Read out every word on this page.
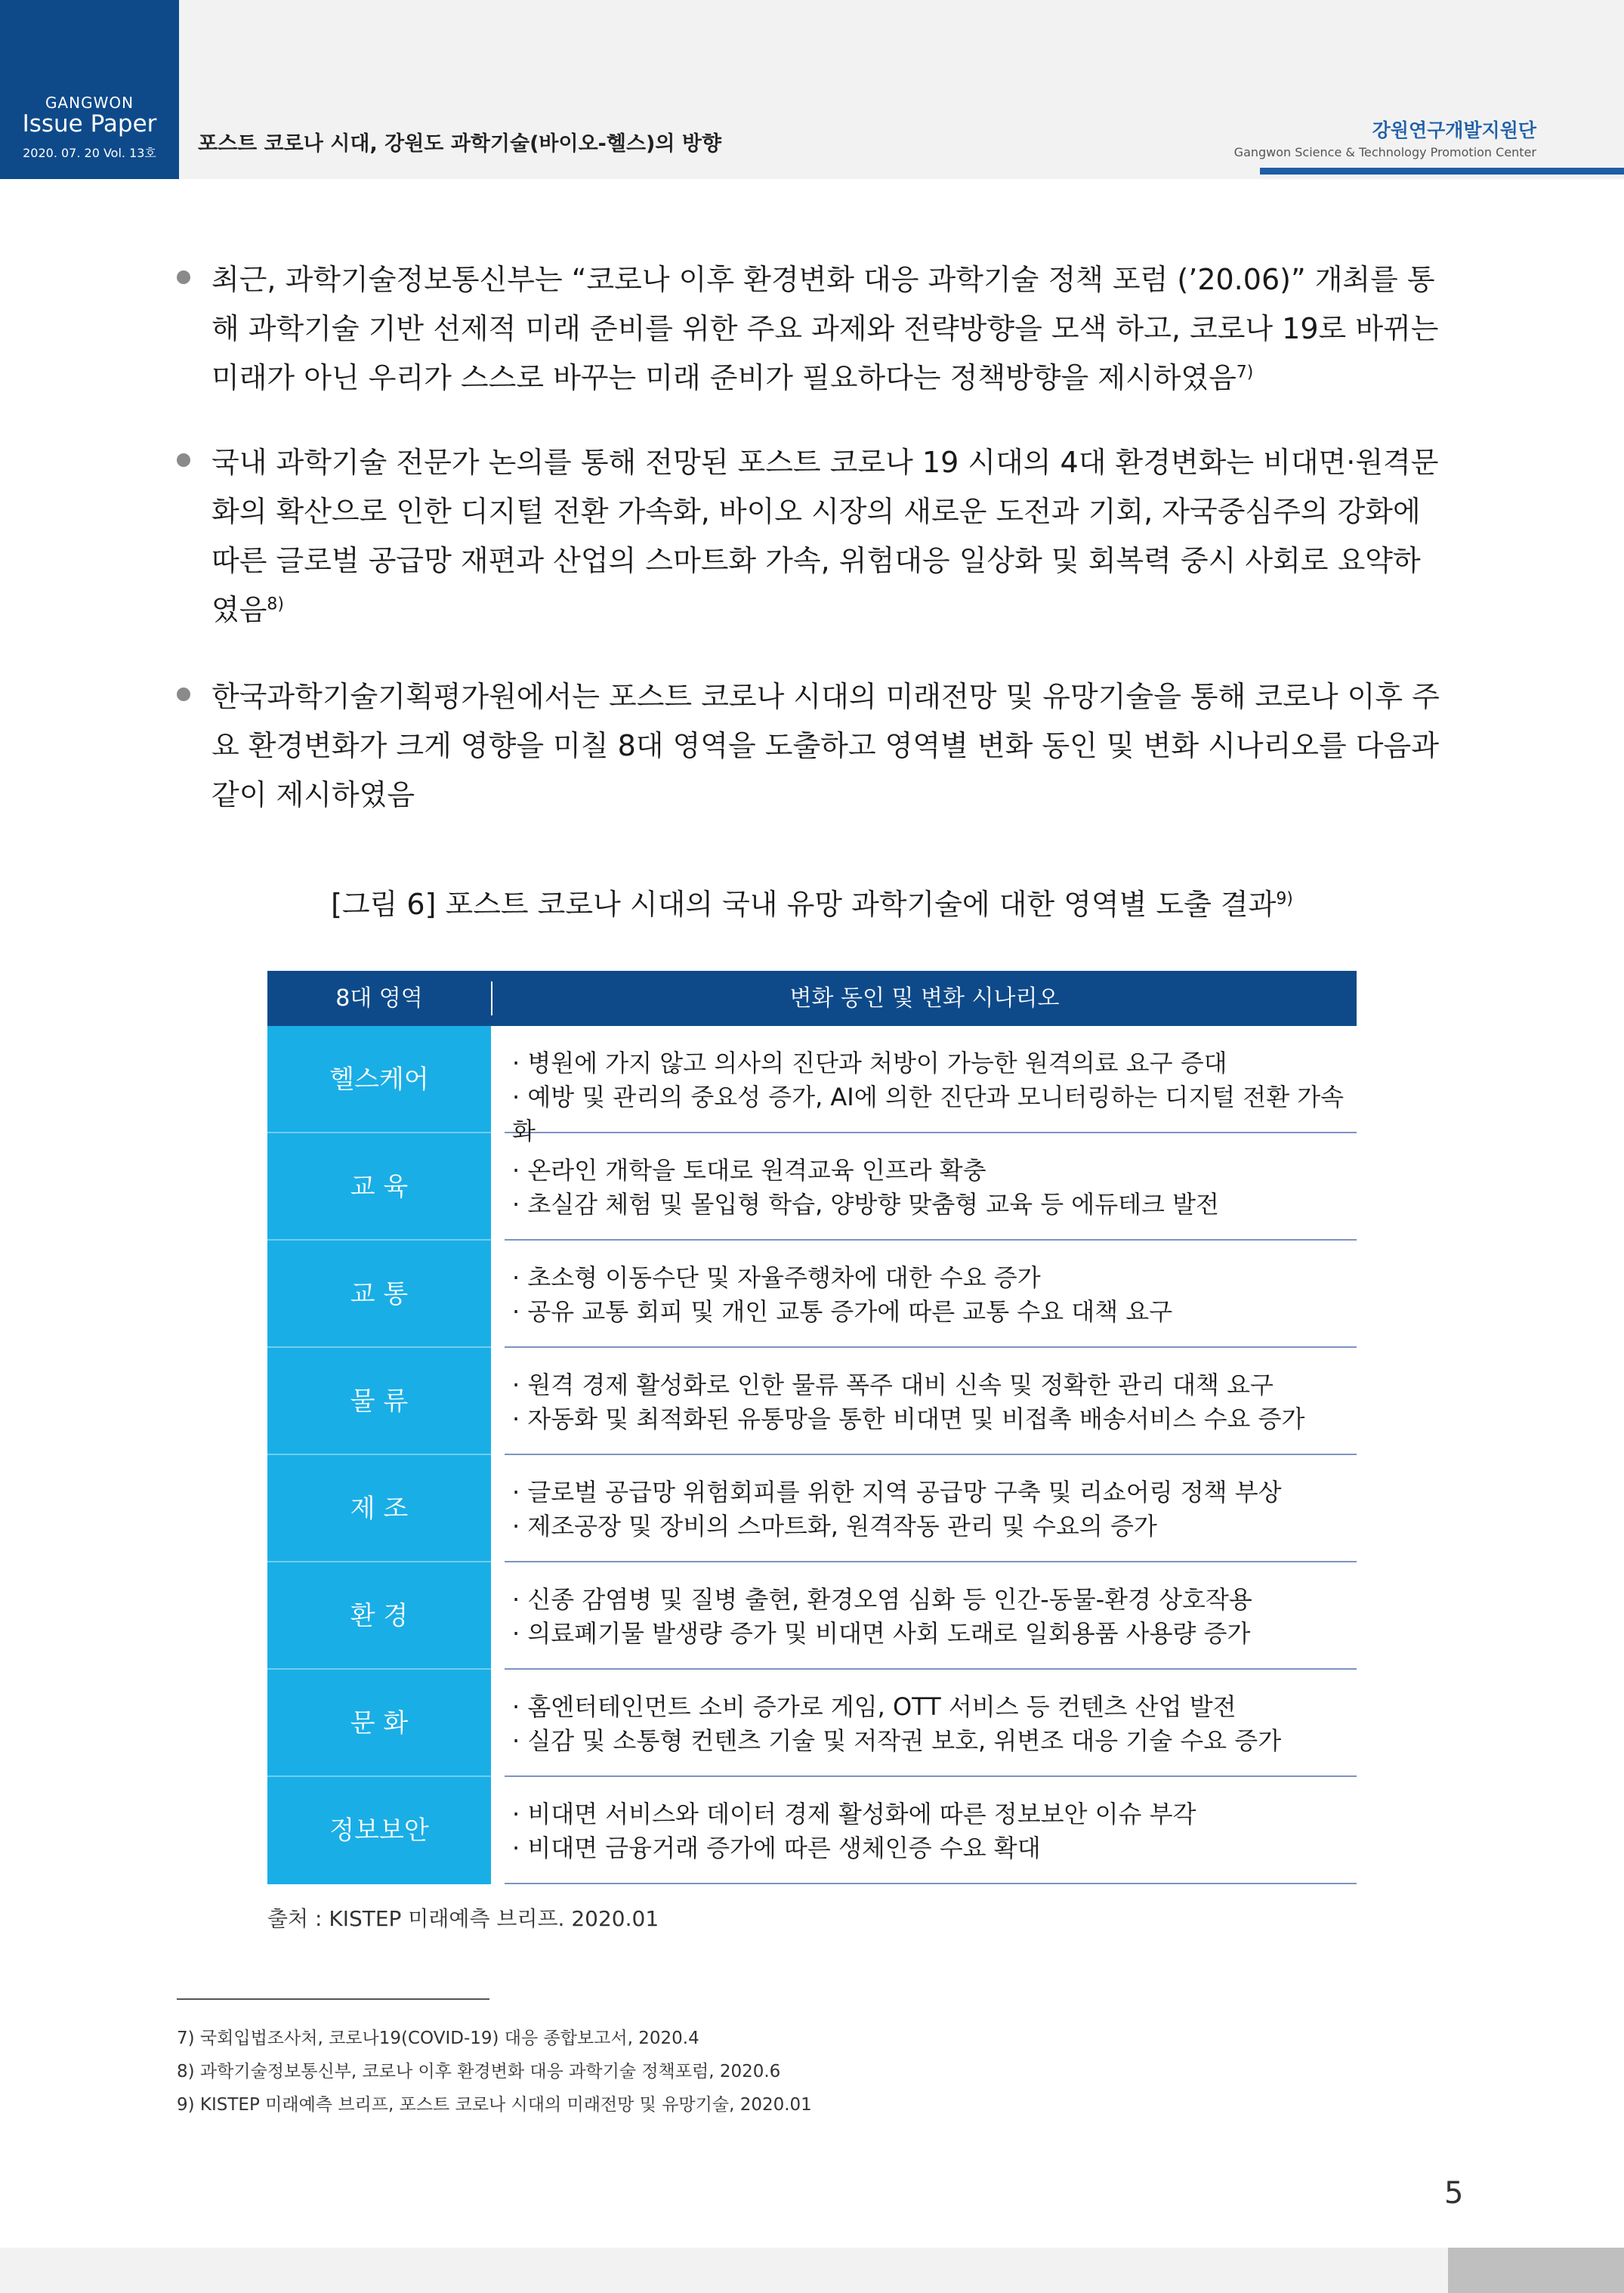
GANGWON
Issue Paper
2020. 07. 20 Vol. 13호	포스트 코로나 시대, 강원도 과학기술(바이오-헬스)의 방향
강원연구개발지원단
Gangwon Science & Technology Promotion Center
최근, 과학기술정보통신부는 “코로나 이후 환경변화 대응 과학기술 정책 포럼 (’20.06)” 개최를 통해 과학기술 기반 선제적 미래 준비를 위한 주요 과제와 전략방향을 모색 하고, 코로나 19로 바뀌는 미래가 아닌 우리가 스스로 바꾸는 미래 준비가 필요하다는 정책방향을 제시하였음$^{7)}$
국내 과학기술 전문가 논의를 통해 전망된 포스트 코로나 19 시대의 4대 환경변화는 비대면·원격문화의 확산으로 인한 디지털 전환 가속화, 바이오 시장의 새로운 도전과 기회, 자국중심주의 강화에 따른 글로벌 공급망 재편과 산업의 스마트화 가속, 위험대응 일상화 및 회복력 중시 사회로 요약하였음$^{8)}$
한국과학기술기획평가원에서는 포스트 코로나 시대의 미래전망 및 유망기술을 통해 코로나 이후 주요 환경변화가 크게 영향을 미칠 8대 영역을 도출하고 영역별 변화 동인 및 변화 시나리오를 다음과 같이 제시하였음
[그림 6] 포스트 코로나 시대의 국내 유망 과학기술에 대한 영역별 도출 결과$^{9)}$
8대 영역	변화 동인 및 변화 시나리오
헬스케어
· 병원에 가지 않고 의사의 진단과 처방이 가능한 원격의료 요구 증대
· 예방 및 관리의 중요성 증가, AI에 의한 진단과 모니터링하는 디지털 전환 가속화
교 육
· 온라인 개학을 토대로 원격교육 인프라 확충
· 초실감 체험 및 몰입형 학습, 양방향 맞춤형 교육 등 에듀테크 발전
교 통
· 초소형 이동수단 및 자율주행차에 대한 수요 증가
· 공유 교통 회피 및 개인 교통 증가에 따른 교통 수요 대책 요구
물 류
· 원격 경제 활성화로 인한 물류 폭주 대비 신속 및 정확한 관리 대책 요구
· 자동화 및 최적화된 유통망을 통한 비대면 및 비접촉 배송서비스 수요 증가
제 조
· 글로벌 공급망 위험회피를 위한 지역 공급망 구축 및 리쇼어링 정책 부상
· 제조공장 및 장비의 스마트화, 원격작동 관리 및 수요의 증가
환 경
· 신종 감염병 및 질병 출현, 환경오염 심화 등 인간-동물-환경 상호작용
· 의료폐기물 발생량 증가 및 비대면 사회 도래로 일회용품 사용량 증가
문 화
· 홈엔터테인먼트 소비 증가로 게임, OTT 서비스 등 컨텐츠 산업 발전
· 실감 및 소통형 컨텐츠 기술 및 저작권 보호, 위변조 대응 기술 수요 증가
정보보안
· 비대면 서비스와 데이터 경제 활성화에 따른 정보보안 이슈 부각
· 비대면 금융거래 증가에 따른 생체인증 수요 확대
출처 : KISTEP 미래예측 브리프. 2020.01
7) 국회입법조사처, 코로나19(COVID-19) 대응 종합보고서, 2020.4
8) 과학기술정보통신부, 코로나 이후 환경변화 대응 과학기술 정책포럼, 2020.6
9) KISTEP 미래예측 브리프, 포스트 코로나 시대의 미래전망 및 유망기술, 2020.01
5
